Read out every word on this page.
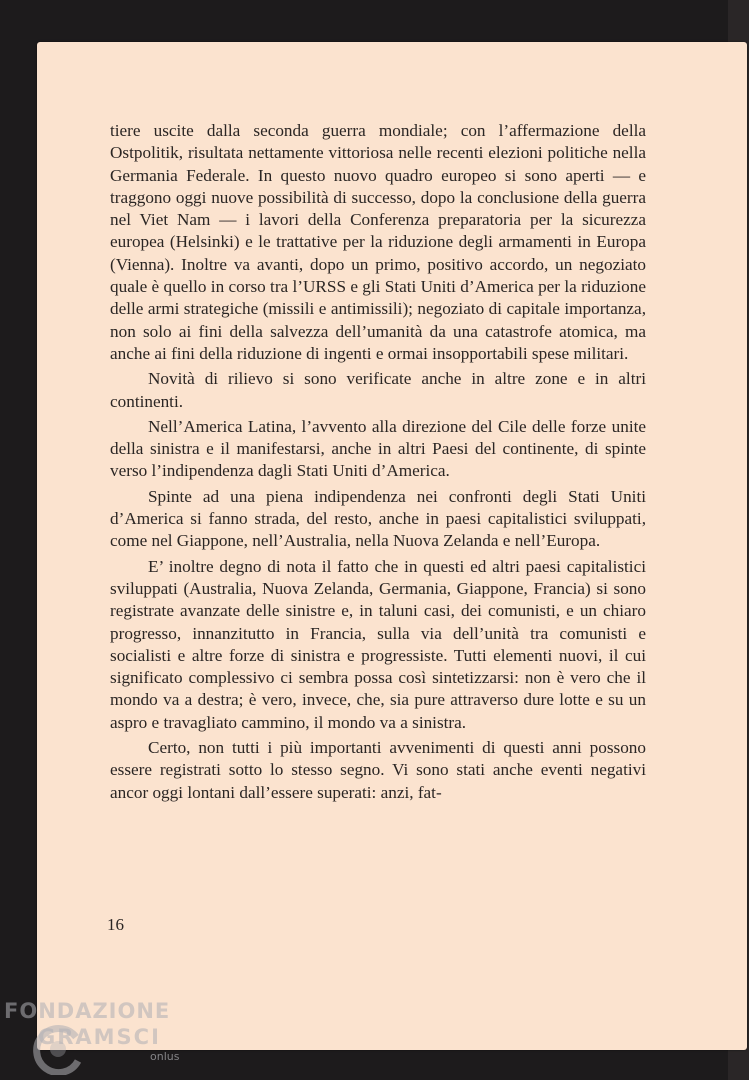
tiere uscite dalla seconda guerra mondiale; con l’affermazione della Ostpolitik, risultata nettamente vittoriosa nelle recenti elezioni politiche nella Germania Federale. In questo nuovo quadro europeo si sono aperti — e traggono oggi nuove possibilità di successo, dopo la conclusione della guerra nel Viet Nam — i lavori della Conferenza preparatoria per la sicurezza europea (Helsinki) e le trattative per la riduzione degli armamenti in Europa (Vienna). Inoltre va avanti, dopo un primo, positivo accordo, un negoziato quale è quello in corso tra l’URSS e gli Stati Uniti d’America per la riduzione delle armi strategiche (missili e antimissili); negoziato di capitale importanza, non solo ai fini della salvezza dell’umanità da una catastrofe atomica, ma anche ai fini della riduzione di ingenti e ormai insopportabili spese militari.

Novità di rilievo si sono verificate anche in altre zone e in altri continenti.

Nell’America Latina, l’avvento alla direzione del Cile delle forze unite della sinistra e il manifestarsi, anche in altri Paesi del continente, di spinte verso l’indipendenza dagli Stati Uniti d’America.

Spinte ad una piena indipendenza nei confronti degli Stati Uniti d’America si fanno strada, del resto, anche in paesi capitalistici sviluppati, come nel Giappone, nell’Australia, nella Nuova Zelanda e nell’Europa.

E’ inoltre degno di nota il fatto che in questi ed altri paesi capitalistici sviluppati (Australia, Nuova Zelanda, Germania, Giappone, Francia) si sono registrate avanzate delle sinistre e, in taluni casi, dei comunisti, e un chiaro progresso, innanzitutto in Francia, sulla via dell’unità tra comunisti e socialisti e altre forze di sinistra e progressiste. Tutti elementi nuovi, il cui significato complessivo ci sembra possa così sintetizzarsi: non è vero che il mondo va a destra; è vero, invece, che, sia pure attraverso dure lotte e su un aspro e travagliato cammino, il mondo va a sinistra.

Certo, non tutti i più importanti avvenimenti di questi anni possono essere registrati sotto lo stesso segno. Vi sono stati anche eventi negativi ancor oggi lontani dall’essere superati: anzi, fat-

16
FONDAZIONE
GRAMSCI
onlus
